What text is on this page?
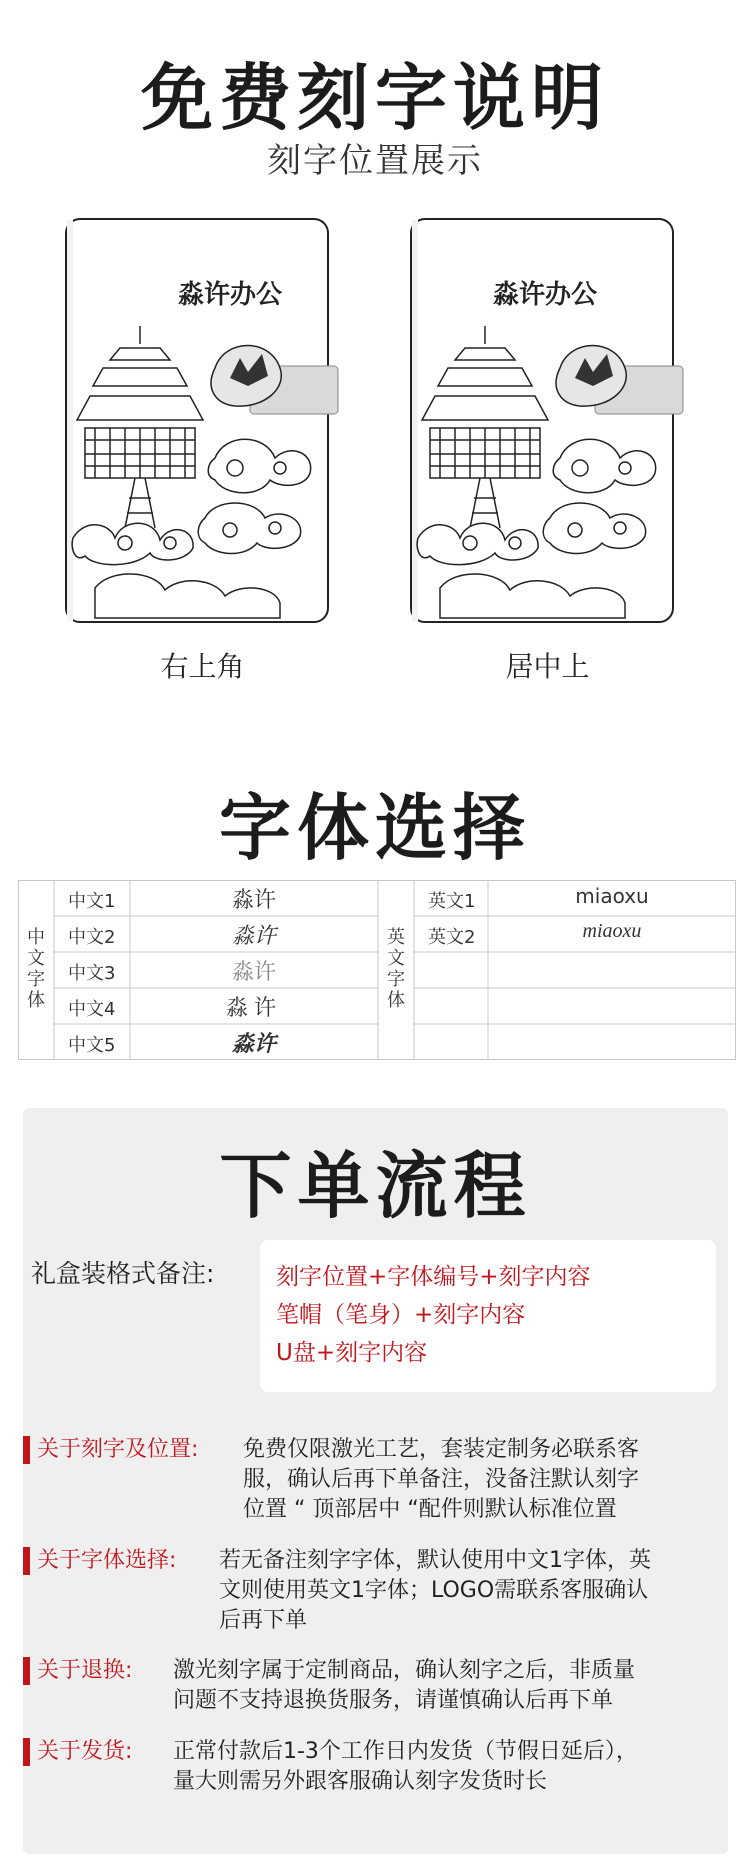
免费刻字说明
刻字位置展示
淼许办公
右上角
淼许办公
居中上
字体选择
中文字体
英文字体
中文1	淼许
中文2	淼许
中文3	淼许
中文4	淼许
中文5	淼许
英文1	miaoxu
英文2	miaoxu
下单流程
礼盒装格式备注:	刻字位置+字体编号+刻字内容
笔帽（笔身）+刻字内容
U盘+刻字内容
关于刻字及位置: 免费仅限激光工艺，套装定制务必联系客
服，确认后再下单备注，没备注默认刻字
位置 “ 顶部居中 “配件则默认标准位置
关于字体选择: 若无备注刻字字体，默认使用中文1字体，英
文则使用英文1字体；LOGO需联系客服确认
后再下单
关于退换: 激光刻字属于定制商品，确认刻字之后，非质量
问题不支持退换货服务，请谨慎确认后再下单
关于发货: 正常付款后1-3个工作日内发货（节假日延后），
量大则需另外跟客服确认刻字发货时长
